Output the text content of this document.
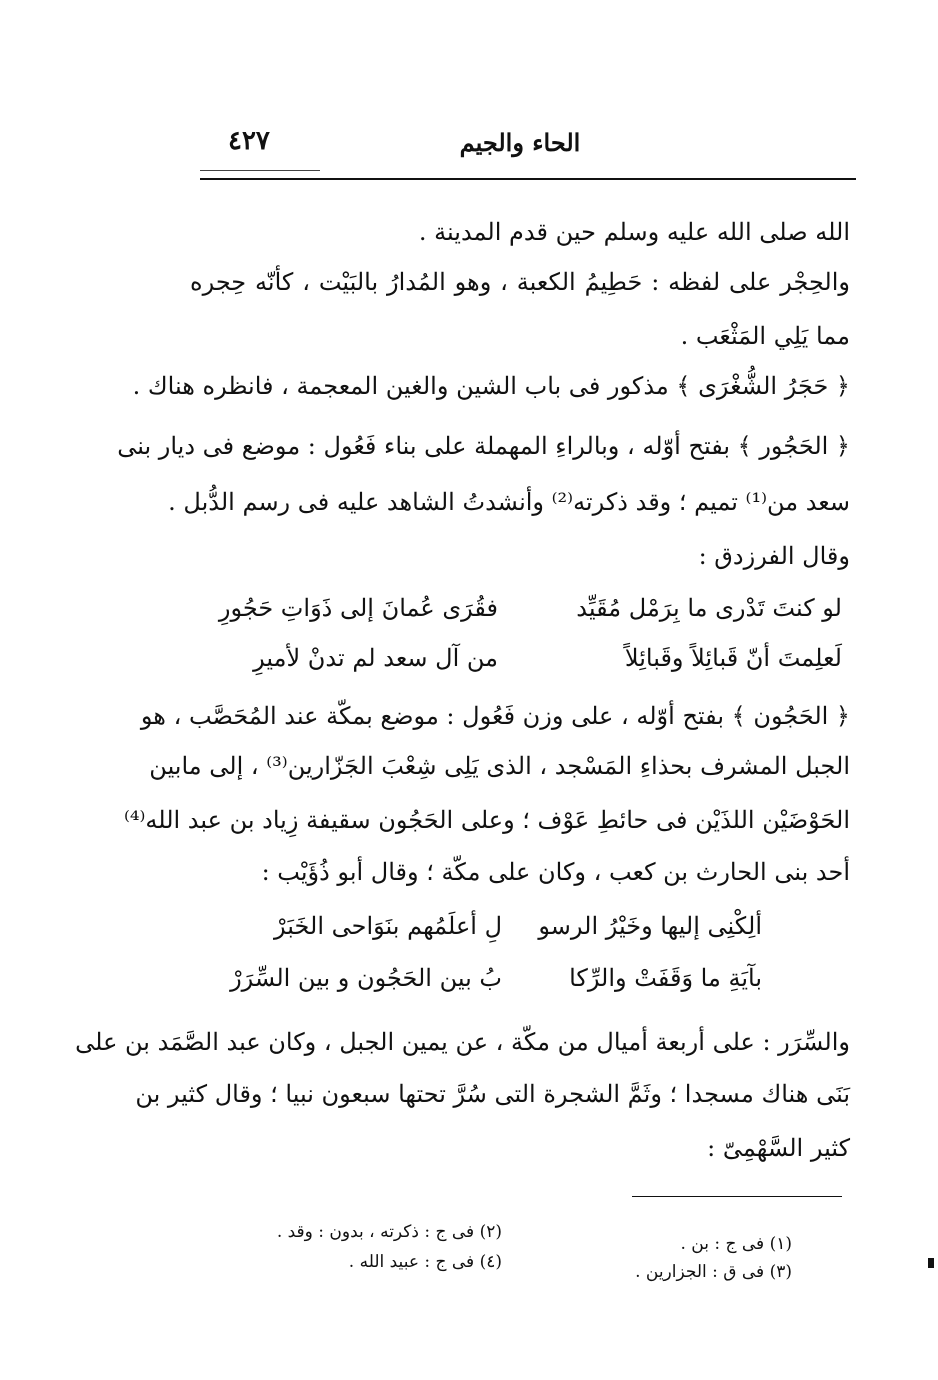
الحاء والجيم
٤٢٧
الله صلى الله عليه وسلم حين قدم المدينة .
والحِجْر على لفظه : حَطِيمُ الكعبة ، وهو المُدارُ بالبَيْت ، كأنّه حِجره
مما يَلِي المَثْعَب .
﴿ حَجَرُ الشُّغْرَى ﴾ مذكور فى باب الشين والغين المعجمة ، فانظره هناك .
﴿ الحَجُور ﴾ بفتح أوّله ، وبالراءِ المهملة على بناء فَعُول : موضع فى ديار بنى
سعد من⁽¹⁾ تميم ؛ وقد ذكرته⁽²⁾ وأنشدتُ الشاهد عليه فى رسم الدُّبل .
وقال الفرزدق :
﴿ الحَجُون ﴾ بفتح أوّله ، على وزن فَعُول : موضع بمكّة عند المُحَصَّب ، هو
الجبل المشرف بحذاءِ المَسْجد ، الذى يَلِى شِعْبَ الجَزّارين⁽³⁾ ، إلى مابين
الحَوْضَيْن اللذَيْن فى حائطِ عَوْف ؛ وعلى الحَجُون سقيفة زِياد بن عبد الله⁽⁴⁾
أحد بنى الحارث بن كعب ، وكان على مكّة ؛ وقال أبو ذُؤَيْب :
والسِّرَر : على أربعة أميال من مكّة ، عن يمين الجبل ، وكان عبد الصَّمَد بن على
بَنَى هناك مسجدا ؛ وثَمَّ الشجرة التى سُرَّ تحتها سبعون نبيا ؛ وقال كثير بن
كثير السَّهْمِىّ :
لو كنتَ تَدْرى ما بِرَمْل مُقَيِّد
فقُرَى عُمانَ إلى ذَوَاتِ حَجُورِ
لَعلِمتَ أنّ قَبائِلاً وقَبائِلاً
من آل سعد لم تدنْ لأميرِ
ألِكْنِى إليها وخَيْرُ الرسو
لِ أعلَمُهم بنَوَاحى الخَبَرْ
بآيَةِ ما وَقَفَتْ والرِّكا
بُ بين الحَجُون و بين السِّرَرْ
(١) فى ج : بن .
(٢) فى ج : ذكرته ، بدون : وقد .
(٣) فى ق : الجزارين .
(٤) فى ج : عبيد الله .
